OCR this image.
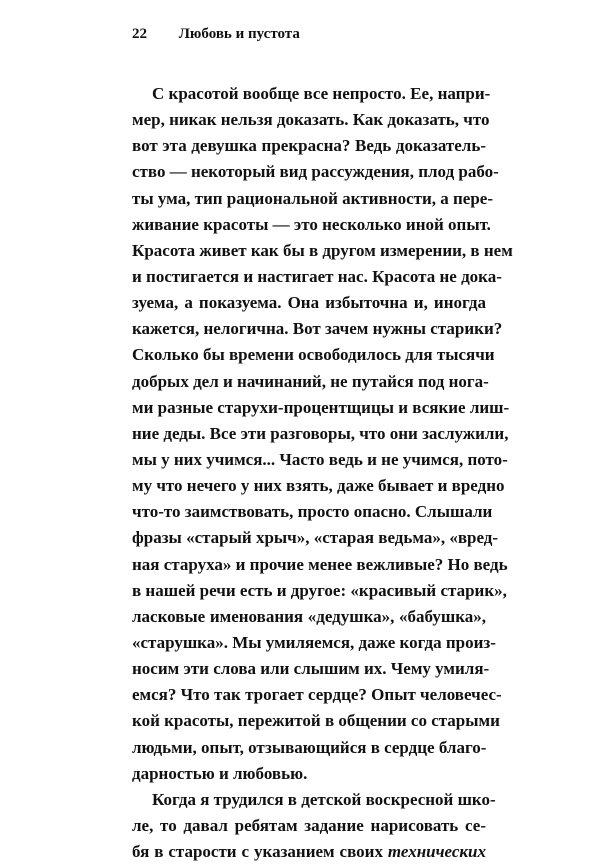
22 Любовь и пустота
С красотой вообще все непросто. Ее, напри-
мер, никак нельзя доказать. Как доказать, что
вот эта девушка прекрасна? Ведь доказатель-
ство — некоторый вид рассуждения, плод рабо-
ты ума, тип рациональной активности, а пере-
живание красоты — это несколько иной опыт.
Красота живет как бы в другом измерении, в нем
и постигается и настигает нас. Красота не дока-
зуема, а показуема. Она избыточна и, иногда
кажется, нелогична. Вот зачем нужны старики?
Сколько бы времени освободилось для тысячи
добрых дел и начинаний, не путайся под нога-
ми разные старухи-процентщицы и всякие лиш-
ние деды. Все эти разговоры, что они заслужили,
мы у них учимся... Часто ведь и не учимся, пото-
му что нечего у них взять, даже бывает и вредно
что-то заимствовать, просто опасно. Слышали
фразы «старый хрыч», «старая ведьма», «вред-
ная старуха» и прочие менее вежливые? Но ведь
в нашей речи есть и другое: «красивый старик»,
ласковые именования «дедушка», «бабушка»,
«старушка». Мы умиляемся, даже когда произ-
носим эти слова или слышим их. Чему умиля-
емся? Что так трогает сердце? Опыт человечес-
кой красоты, пережитой в общении со старыми
людьми, опыт, отзывающийся в сердце благо-
дарностью и любовью.
Когда я трудился в детской воскресной шко-
ле, то давал ребятам задание нарисовать се-
бя в старости с указанием своих технических
